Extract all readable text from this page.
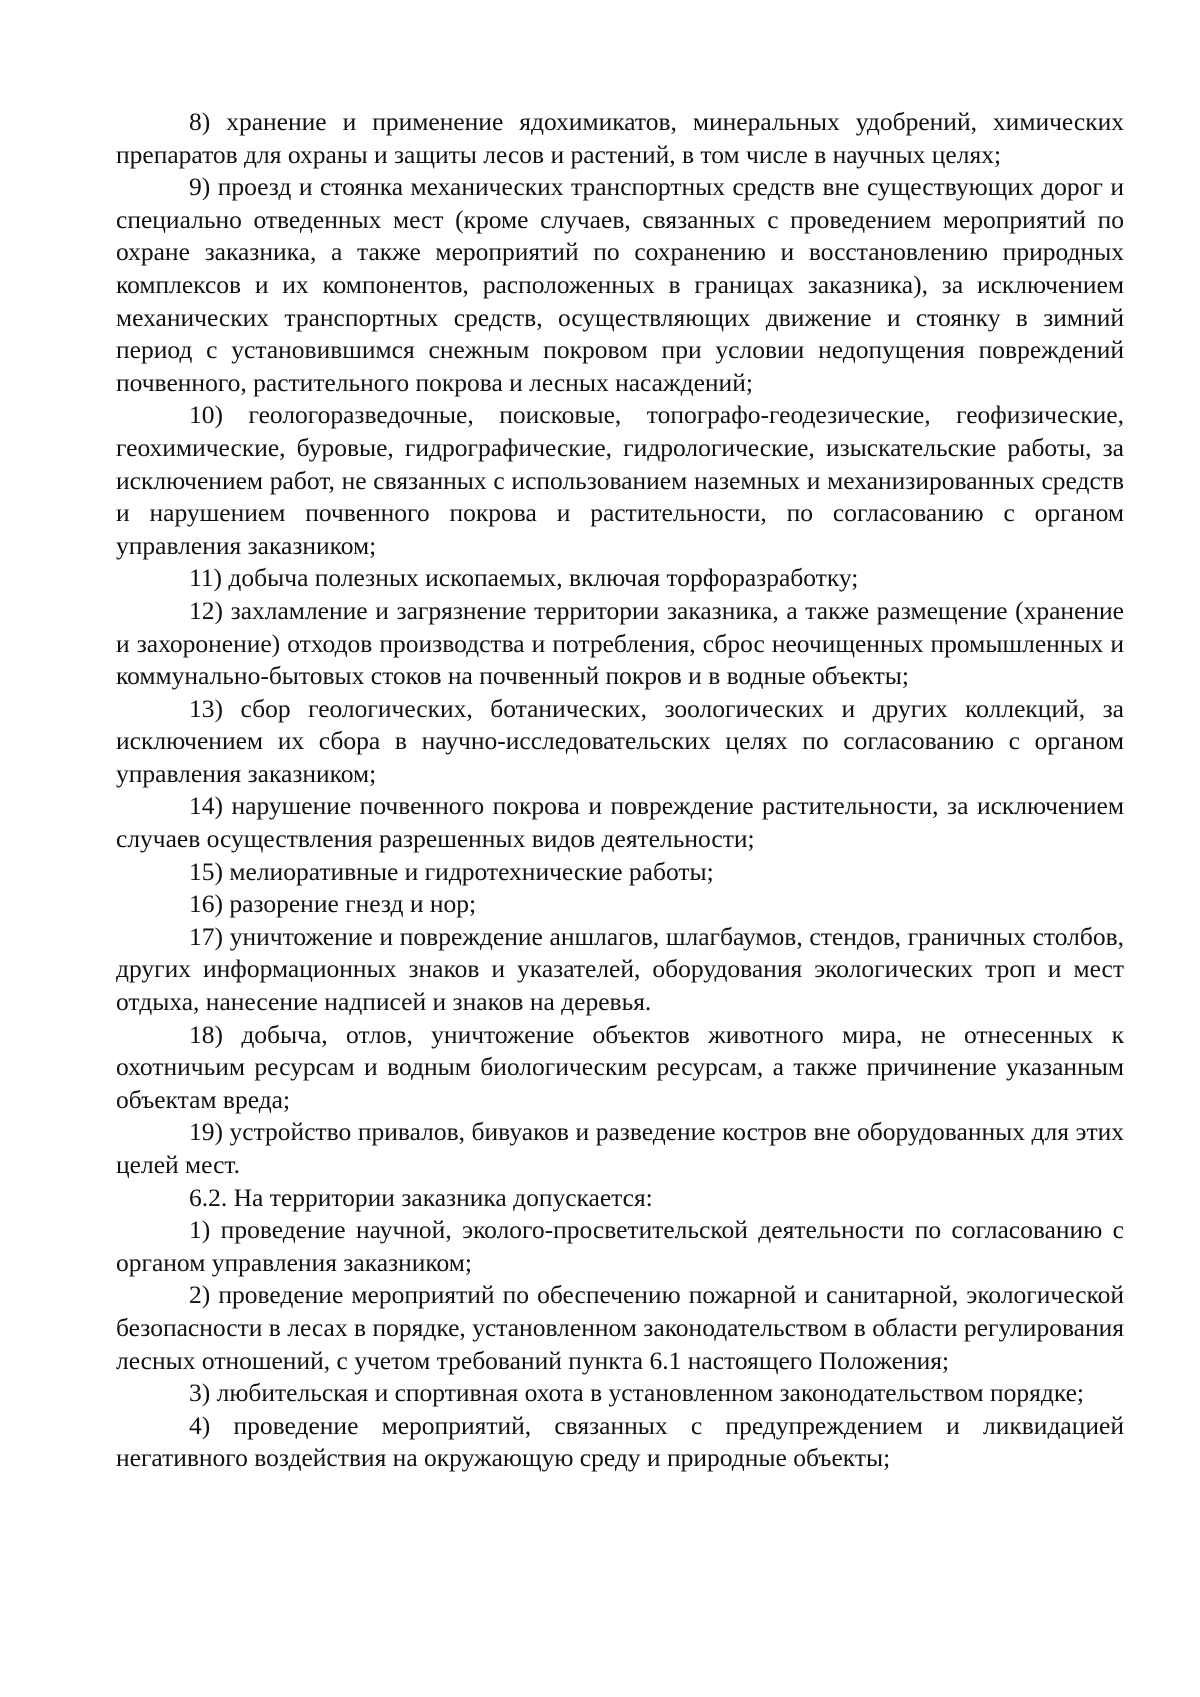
8) хранение и применение ядохимикатов, минеральных удобрений, химических препаратов для охраны и защиты лесов и растений, в том числе в научных целях;

9) проезд и стоянка механических транспортных средств вне существующих дорог и специально отведенных мест (кроме случаев, связанных с проведением мероприятий по охране заказника, а также мероприятий по сохранению и восстановлению природных комплексов и их компонентов, расположенных в границах заказника), за исключением механических транспортных средств, осуществляющих движение и стоянку в зимний период с установившимся снежным покровом при условии недопущения повреждений почвенного, растительного покрова и лесных насаждений;

10) геологоразведочные, поисковые, топографо-геодезические, геофизические, геохимические, буровые, гидрографические, гидрологические, изыскательские работы, за исключением работ, не связанных с использованием наземных и механизированных средств и нарушением почвенного покрова и растительности, по согласованию с органом управления заказником;

11) добыча полезных ископаемых, включая торфоразработку;

12) захламление и загрязнение территории заказника, а также размещение (хранение и захоронение) отходов производства и потребления, сброс неочищенных промышленных и коммунально-бытовых стоков на почвенный покров и в водные объекты;

13) сбор геологических, ботанических, зоологических и других коллекций, за исключением их сбора в научно-исследовательских целях по согласованию с органом управления заказником;

14) нарушение почвенного покрова и повреждение растительности, за исключением случаев осуществления разрешенных видов деятельности;

15) мелиоративные и гидротехнические работы;

16) разорение гнезд и нор;

17) уничтожение и повреждение аншлагов, шлагбаумов, стендов, граничных столбов, других информационных знаков и указателей, оборудования экологических троп и мест отдыха, нанесение надписей и знаков на деревья.

18) добыча, отлов, уничтожение объектов животного мира, не отнесенных к охотничьим ресурсам и водным биологическим ресурсам, а также причинение указанным объектам вреда;

19) устройство привалов, бивуаков и разведение костров вне оборудованных для этих целей мест.

6.2. На территории заказника допускается:

1) проведение научной, эколого-просветительской деятельности по согласованию с органом управления заказником;

2) проведение мероприятий по обеспечению пожарной и санитарной, экологической безопасности в лесах в порядке, установленном законодательством в области регулирования лесных отношений, с учетом требований пункта 6.1 настоящего Положения;

3) любительская и спортивная охота в установленном законодательством порядке;

4) проведение мероприятий, связанных с предупреждением и ликвидацией негативного воздействия на окружающую среду и природные объекты;
